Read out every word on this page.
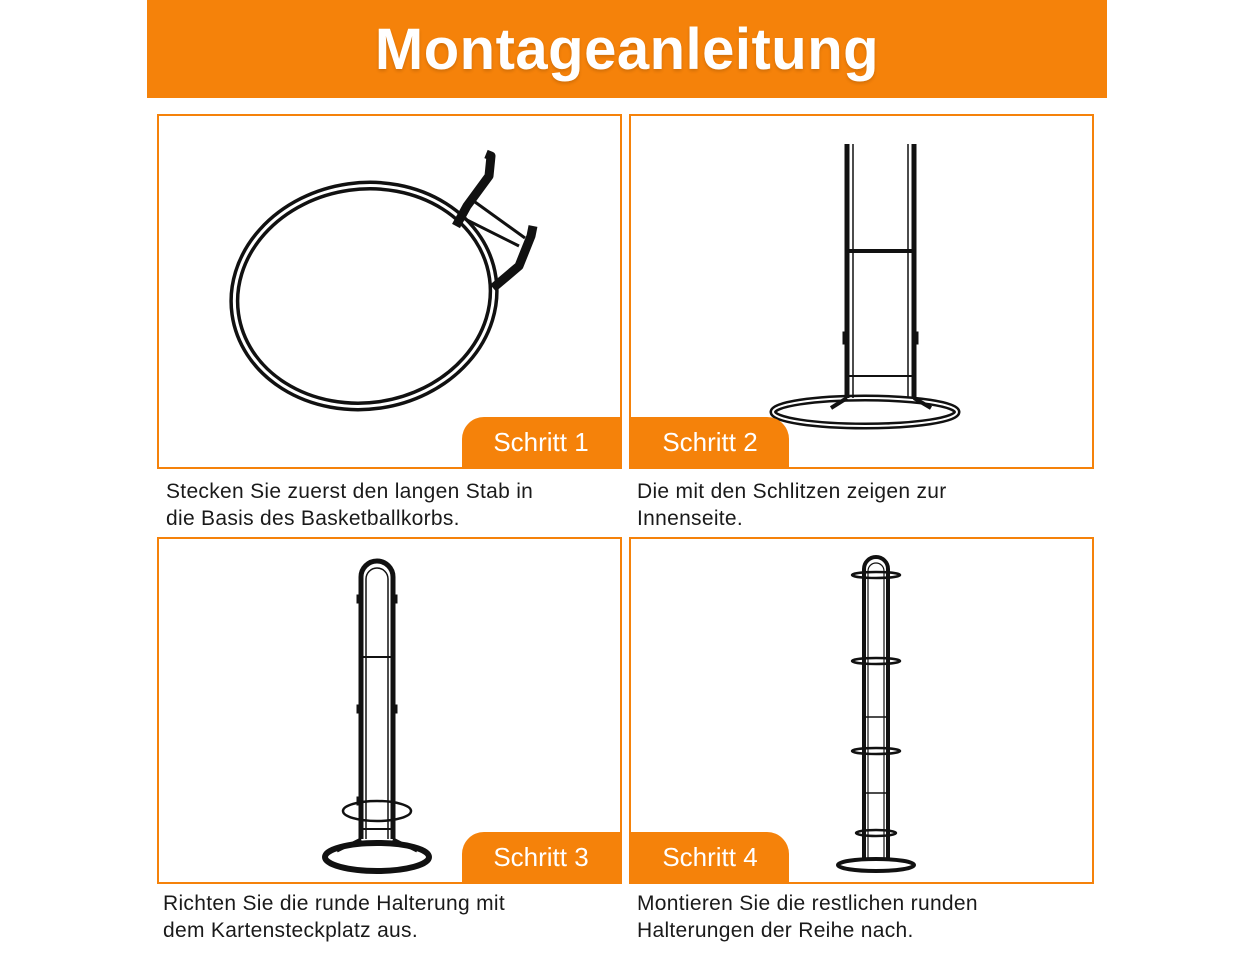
Montageanleitung
Schritt 1
Stecken Sie zuerst den langen Stab in
die Basis des Basketballkorbs.
Schritt 2
Die mit den Schlitzen zeigen zur
Innenseite.
Schritt 3
Richten Sie die runde Halterung mit
dem Kartensteckplatz aus.
Schritt 4
Montieren Sie die restlichen runden
Halterungen der Reihe nach.
